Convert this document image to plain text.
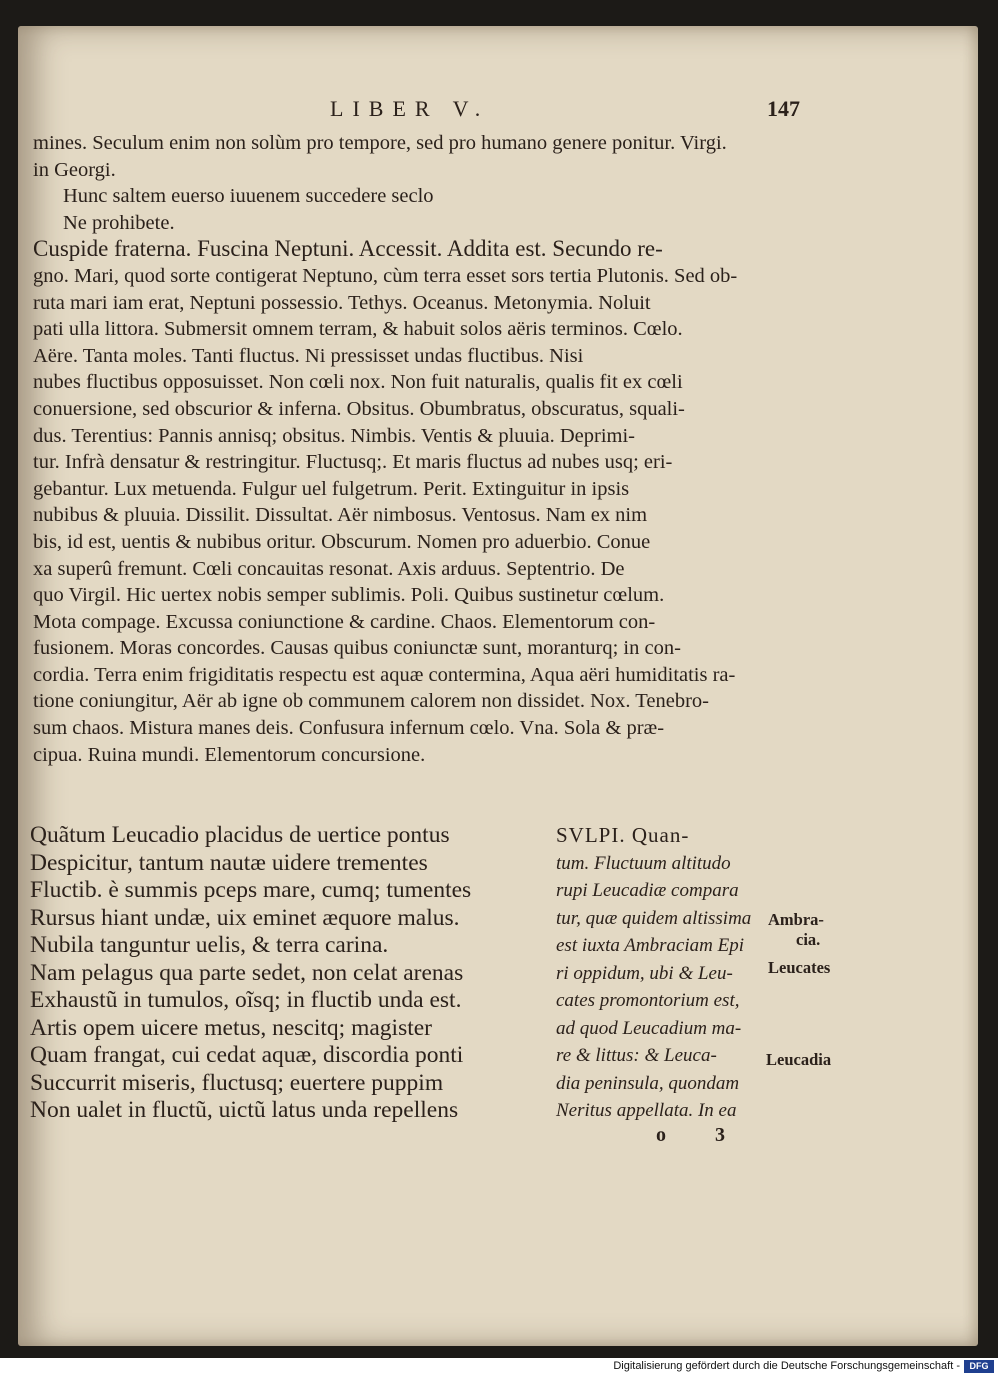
LIBER V.	147
mines. Seculum enim non solùm pro tempore, sed pro humano genere ponitur. Virgi.
in Georgi.
Hunc saltem euerso iuuenem succedere seclo
Ne prohibete.
Cuspide fraterna. Fuscina Neptuni. Accessit. Addita est. Secundo re-
gno. Mari, quod sorte contigerat Neptuno, cùm terra esset sors tertia Plutonis. Sed ob-
ruta mari iam erat, Neptuni possessio. Tethys. Oceanus. Metonymia. Noluit
pati ulla littora. Submersit omnem terram, & habuit solos aëris terminos. Cœlo.
Aëre. Tanta moles. Tanti fluctus. Ni pressisset undas fluctibus. Nisi
nubes fluctibus opposuisset. Non cœli nox. Non fuit naturalis, qualis fit ex cœli
conuersione, sed obscurior & inferna. Obsitus. Obumbratus, obscuratus, squali-
dus. Terentius: Pannis annisq; obsitus. Nimbis. Ventis & pluuia. Deprimi-
tur. Infrà densatur & restringitur. Fluctusq;. Et maris fluctus ad nubes usq; eri-
gebantur. Lux metuenda. Fulgur uel fulgetrum. Perit. Extinguitur in ipsis
nubibus & pluuia. Dissilit. Dissultat. Aër nimbosus. Ventosus. Nam ex nim
bis, id est, uentis & nubibus oritur. Obscurum. Nomen pro aduerbio. Conue
xa superû fremunt. Cœli concauitas resonat. Axis arduus. Septentrio. De
quo Virgil. Hic uertex nobis semper sublimis. Poli. Quibus sustinetur cœlum.
Mota compage. Excussa coniunctione & cardine. Chaos. Elementorum con-
fusionem. Moras concordes. Causas quibus coniunctæ sunt, moranturq; in con-
cordia. Terra enim frigiditatis respectu est aquæ contermina, Aqua aëri humiditatis ra-
tione coniungitur, Aër ab igne ob communem calorem non dissidet. Nox. Tenebro-
sum chaos. Mistura manes deis. Confusura infernum cœlo. Vna. Sola & præ-
cipua. Ruina mundi. Elementorum concursione.
Quãtum Leucadio placidus de uertice pontus
Despicitur, tantum nautæ uidere trementes
Fluctib. è summis pceps mare, cumq; tumentes
Rursus hiant undæ, uix eminet æquore malus.
Nubila tanguntur uelis, & terra carina.
Nam pelagus qua parte sedet, non celat arenas
Exhaustũ in tumulos, oĩsq; in fluctib unda est.
Artis opem uicere metus, nescitq; magister
Quam frangat, cui cedat aquæ, discordia ponti
Succurrit miseris, fluctusq; euertere puppim
Non ualet in fluctũ, uictũ latus unda repellens
SVLPI. Quan-
tum. Fluctuum altitudo
rupi Leucadiæ compara
tur, quæ quidem altissima
est iuxta Ambraciam Epi
ri oppidum, ubi & Leu-
cates promontorium est,
ad quod Leucadium ma-
re & littus: & Leuca-
dia peninsula, quondam
Neritus appellata. In ea
Ambra-
cia.
Leucates
Leucadia
o 3
Digitalisierung gefördert durch die Deutsche Forschungsgemeinschaft -	DFG
